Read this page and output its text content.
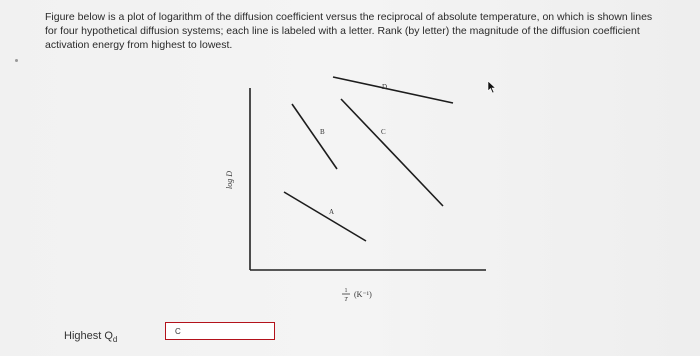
Figure below is a plot of logarithm of the diffusion coefficient versus the reciprocal of absolute temperature, on which is shown lines for four hypothetical diffusion systems; each line is labeled with a letter. Rank (by letter) the magnitude of the diffusion coefficient activation energy from highest to lowest.
log D
A
B	C
D
1
T
(K⁻¹)
Highest $Q_d$
C
